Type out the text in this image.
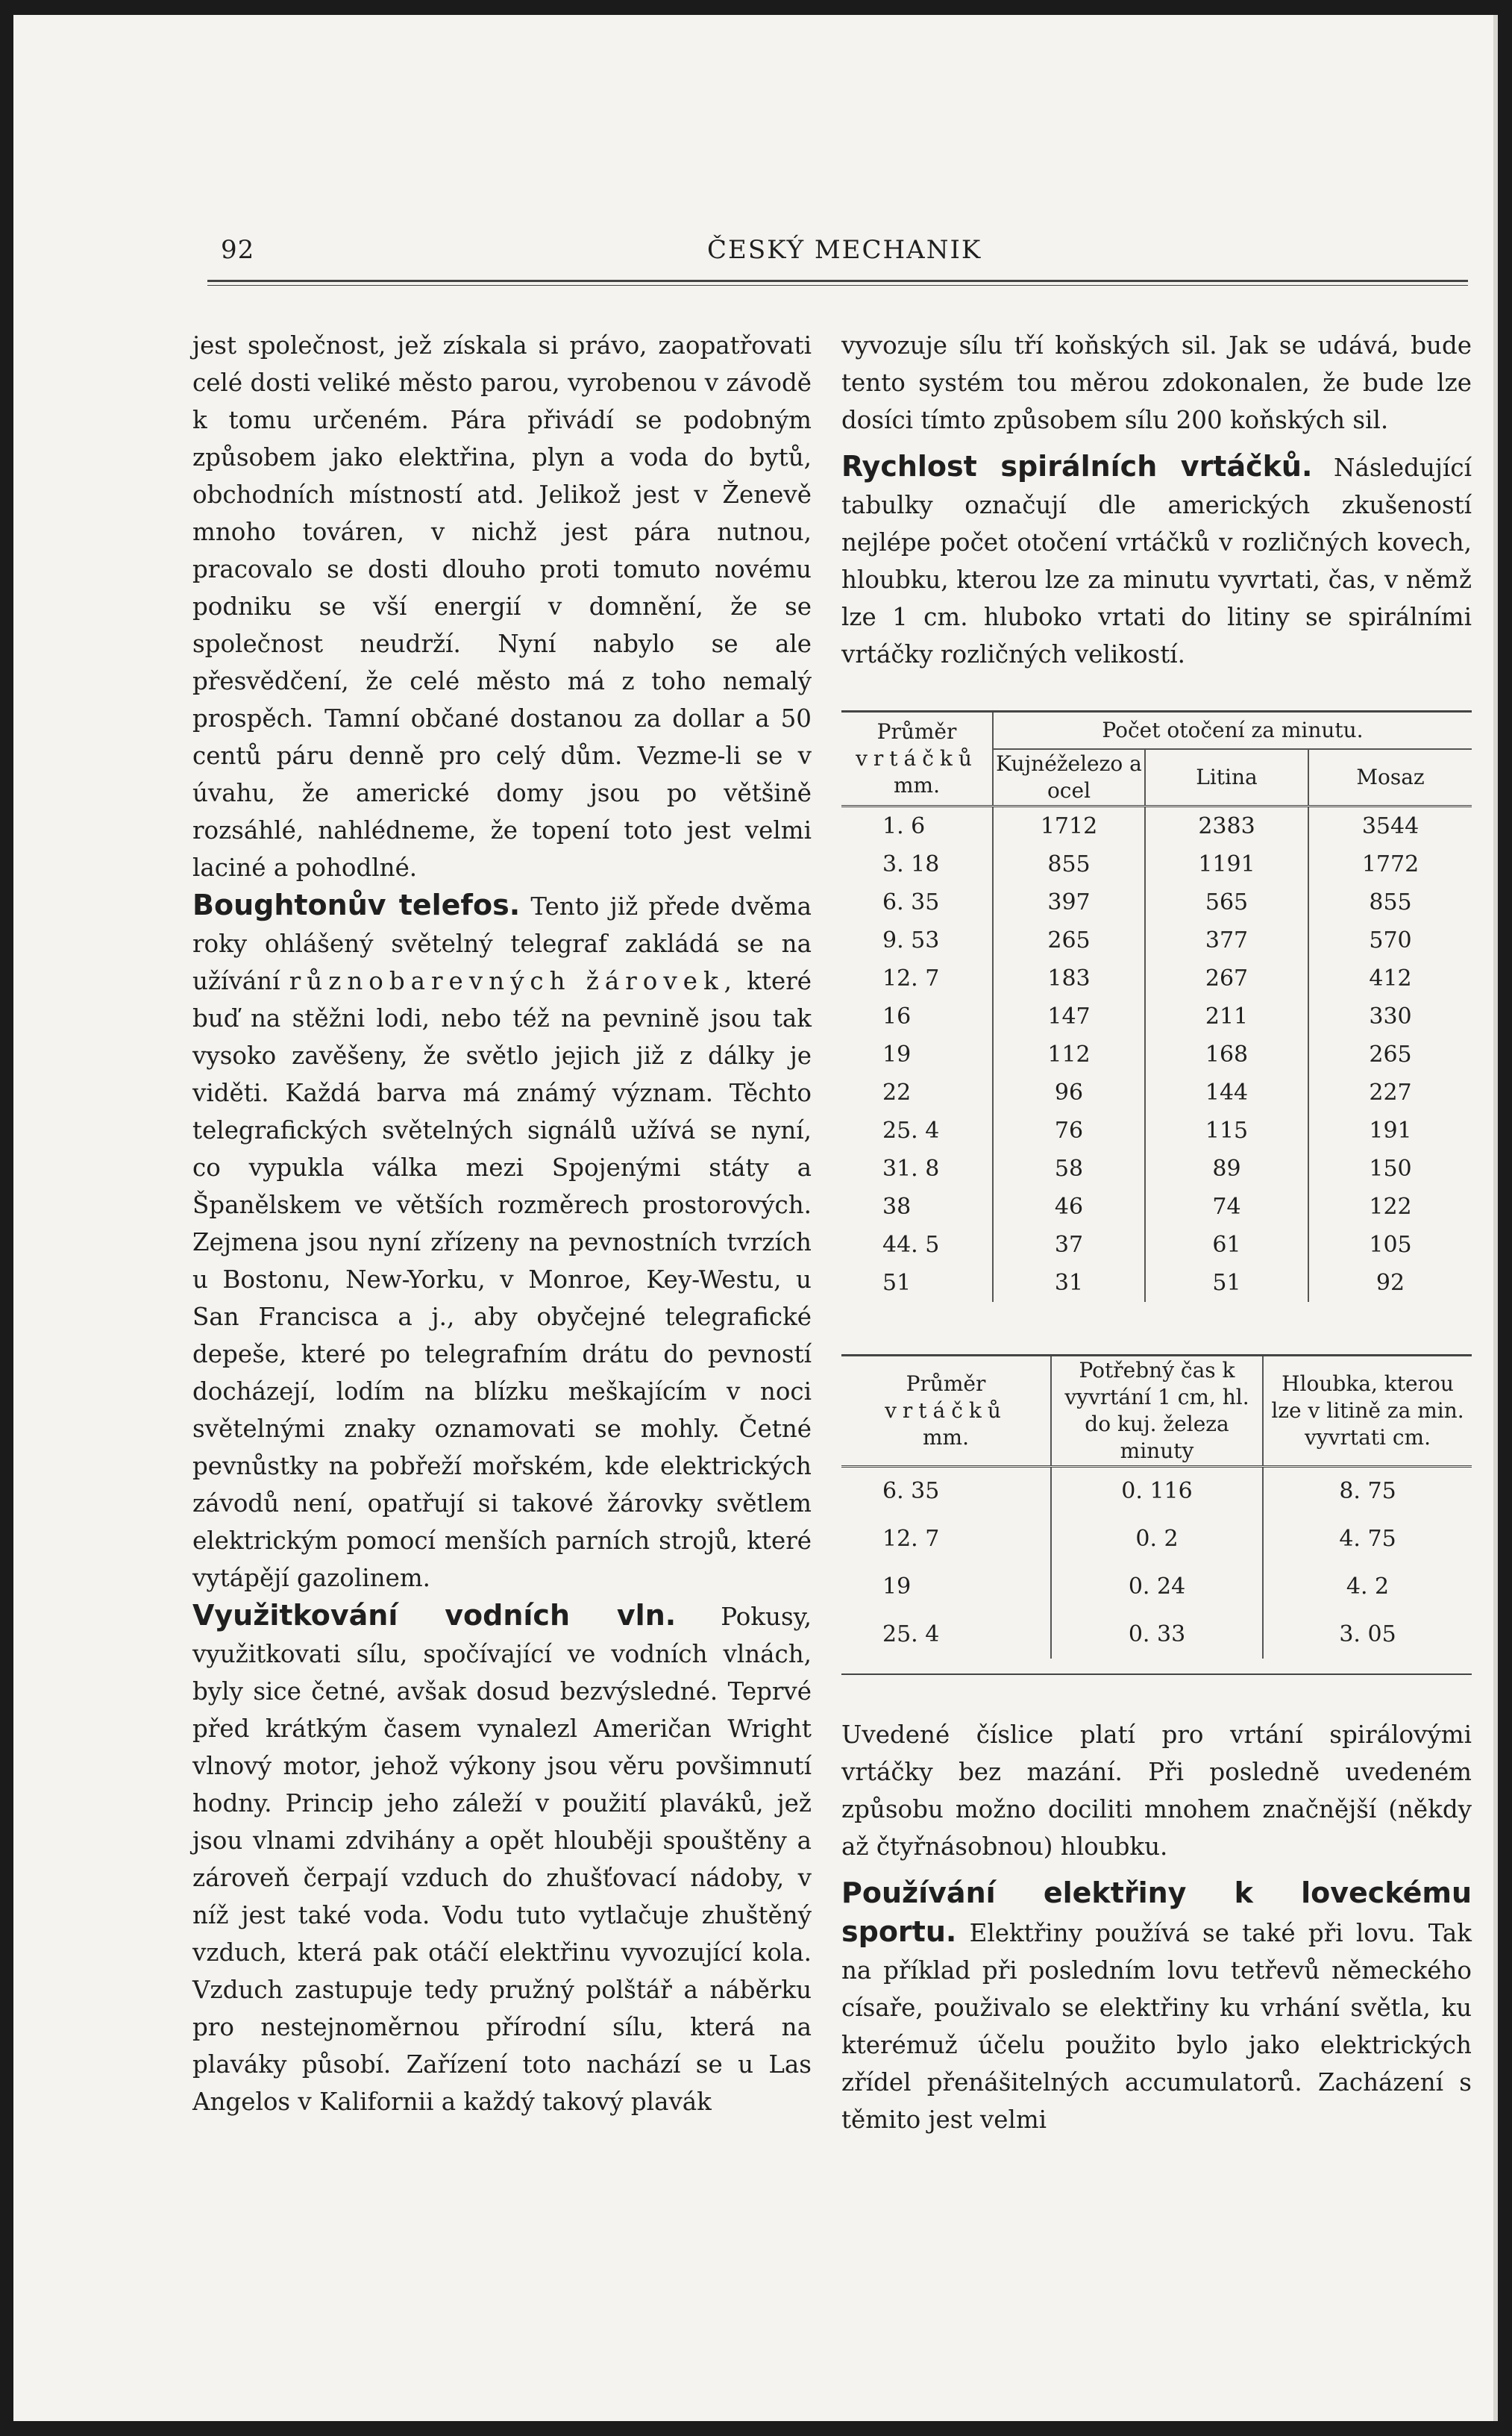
92	ČESKÝ MECHANIK

jest společnost, jež získala si právo, zaopatřovati celé dosti veliké město parou, vyrobenou v závodě k tomu určeném. Pára přivádí se podobným způsobem jako elektřina, plyn a voda do bytů, obchodních místností atd. Jelikož jest v Ženevě mnoho továren, v nichž jest pára nutnou, pracovalo se dosti dlouho proti tomuto novému podniku se vší energií v domnění, že se společnost neudrží. Nyní nabylo se ale přesvědčení, že celé město má z toho nemalý prospěch. Tamní občané dostanou za dollar a 50 centů páru denně pro celý dům. Vezme-li se v úvahu, že americké domy jsou po většině rozsáhlé, nahlédneme, že topení toto jest velmi laciné a pohodlné.

Boughtonův telefos. Tento již přede dvěma roky ohlášený světelný telegraf zakládá se na užívání různobarevných žárovek, které buď na stěžni lodi, nebo též na pevnině jsou tak vysoko zavěšeny, že světlo jejich již z dálky je viděti. Každá barva má známý význam. Těchto telegrafických světelných signálů užívá se nyní, co vypukla válka mezi Spojenými státy a Španělskem ve větších rozměrech prostorových. Zejmena jsou nyní zřízeny na pevnostních tvrzích u Bostonu, New-Yorku, v Monroe, Key-Westu, u San Francisca a j., aby obyčejné telegrafické depeše, které po telegrafním drátu do pevností docházejí, lodím na blízku meškajícím v noci světelnými znaky oznamovati se mohly. Četné pevnůstky na pobřeží mořském, kde elektrických závodů není, opatřují si takové žárovky světlem elektrickým pomocí menších parních strojů, které vytápějí gazolinem.

Využitkování vodních vln. Pokusy, využitkovati sílu, spočívající ve vodních vlnách, byly sice četné, avšak dosud bezvýsledné. Teprvé před krátkým časem vynalezl Američan Wright vlnový motor, jehož výkony jsou věru povšimnutí hodny. Princip jeho záleží v použití plaváků, jež jsou vlnami zdvihány a opět hlouběji spouštěny a zároveň čerpají vzduch do zhušťovací nádoby, v níž jest také voda. Vodu tuto vytlačuje zhuštěný vzduch, která pak otáčí elektřinu vyvozující kola. Vzduch zastupuje tedy pružný polštář a náběrku pro nestejnoměrnou přírodní sílu, která na plaváky působí. Zařízení toto nachází se u Las Angelos v Kalifornii a každý takový plavák

vyvozuje sílu tří koňských sil. Jak se udává, bude tento systém tou měrou zdokonalen, že bude lze dosíci tímto způsobem sílu 200 koňských sil.

Rychlost spirálních vrtáčků. Následující tabulky označují dle amerických zkušeností nejlépe počet otočení vrtáčků v rozličných kovech, hloubku, kterou lze za minutu vyvrtati, čas, v němž lze 1 cm. hluboko vrtati do litiny se spirálními vrtáčky rozličných velikostí.

Průměr
vrtáčků
mm.	Počet otočení za minutu.		
	Kujnéželezo a ocel	Litina	Mosaz
1. 6	1712	2383	3544
3. 18	855	1191	1772
6. 35	397	565	855
9. 53	265	377	570
12. 7	183	267	412
16	147	211	330
19	112	168	265
22	96	144	227
25. 4	76	115	191
31. 8	58	89	150
38	46	74	122
44. 5	37	61	105
51	31	51	92
Průměr
vrtáčků
mm.	Potřebný čas k vyvrtání 1 cm, hl. do kuj. železa minuty	Hloubka, kterou lze v litině za min. vyvrtati cm.
6. 35	0. 116	8. 75
12. 7	0. 2	4. 75
19	0. 24	4. 2
25. 4	0. 33	3. 05

Uvedené číslice platí pro vrtání spirálovými vrtáčky bez mazání. Při posledně uvedeném způsobu možno dociliti mnohem značnější (někdy až čtyřnásobnou) hloubku.

Používání elektřiny k loveckému sportu. Elektřiny používá se také při lovu. Tak na příklad při posledním lovu tetřevů německého císaře, použivalo se elektřiny ku vrhání světla, ku kterémuž účelu použito bylo jako elektrických zřídel přenášitelných accumulatorů. Zacházení s těmito jest velmi
